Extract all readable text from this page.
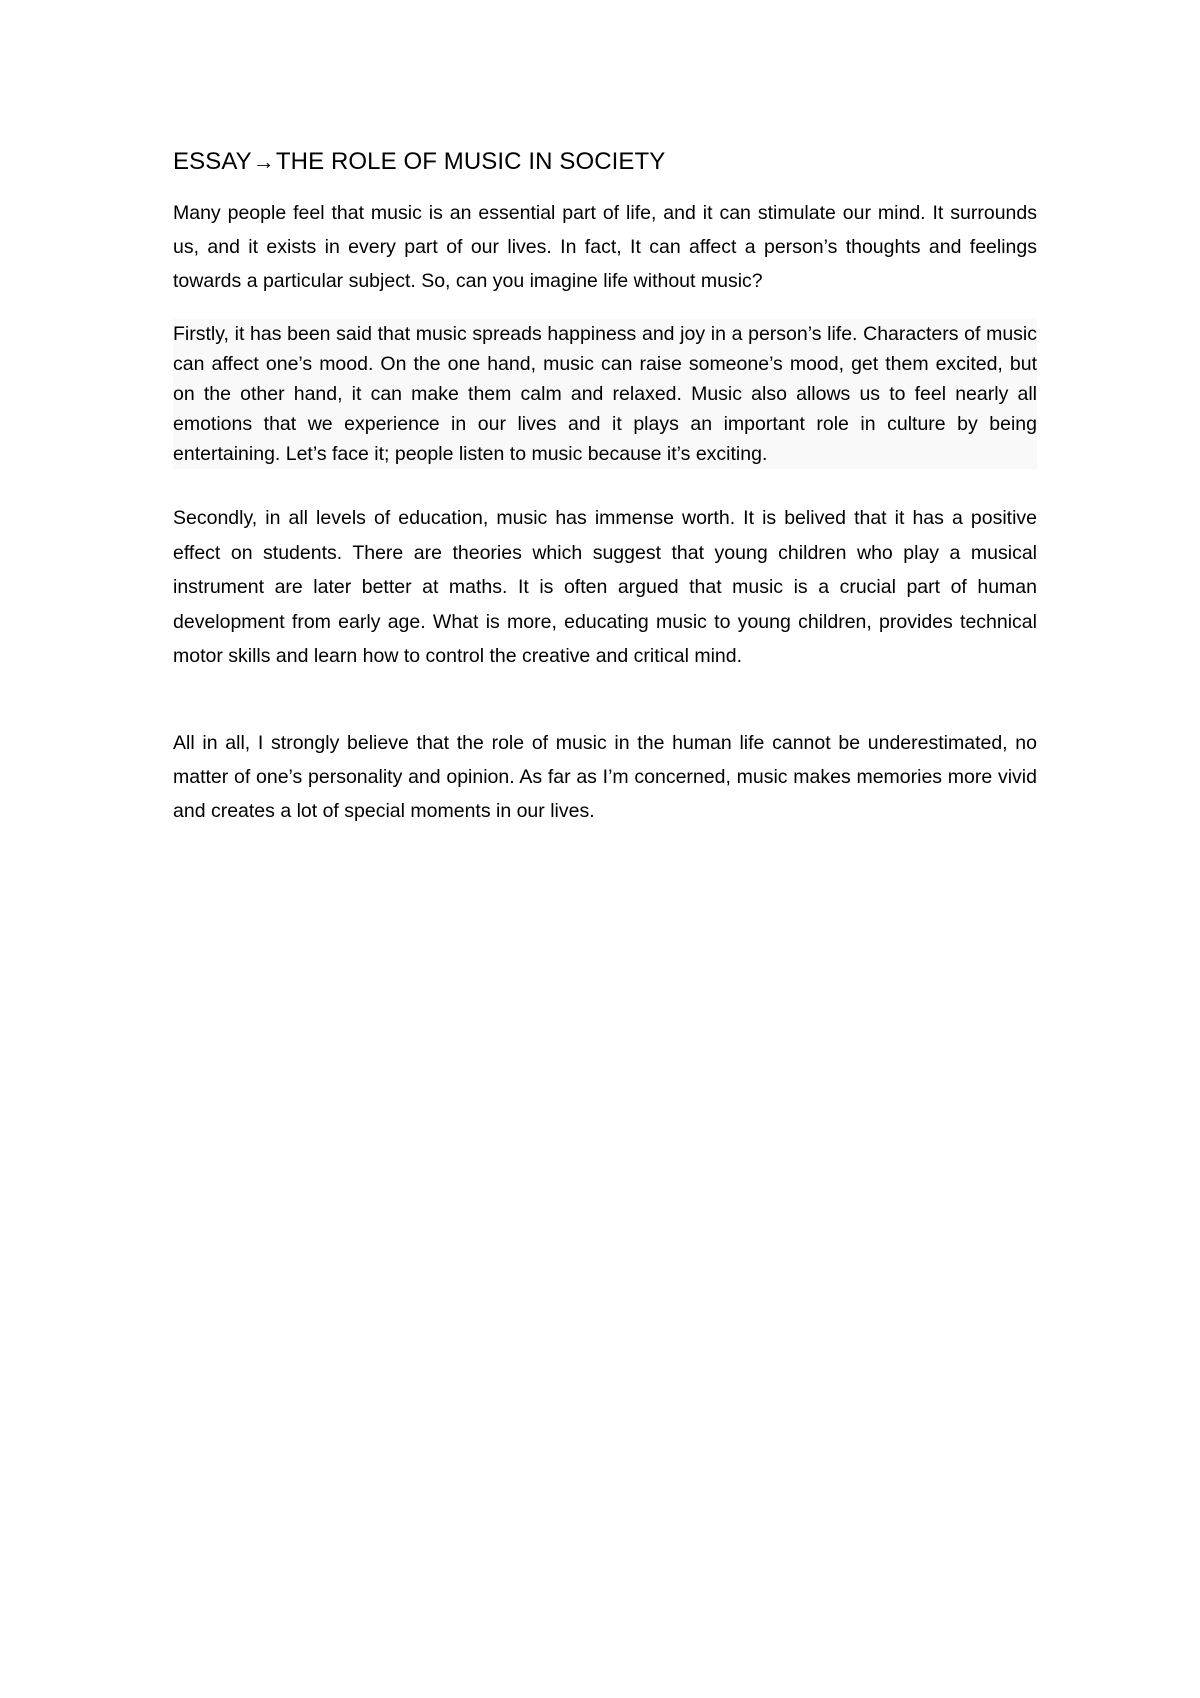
ESSAY→THE ROLE OF MUSIC IN SOCIETY

Many people feel that music is an essential part of life, and it can stimulate our mind. It surrounds us, and it exists in every part of our lives. In fact, It can affect a person’s thoughts and feelings towards a particular subject. So, can you imagine life without music?

Firstly, it has been said that music spreads happiness and joy in a person’s life. Characters of music can affect one’s mood. On the one hand, music can raise someone’s mood, get them excited, but on the other hand, it can make them calm and relaxed. Music also allows us to feel nearly all emotions that we experience in our lives and it plays an important role in culture by being entertaining. Let’s face it; people listen to music because it’s exciting.

Secondly, in all levels of education, music has immense worth. It is belived that it has a positive effect on students. There are theories which suggest that young children who play a musical instrument are later better at maths. It is often argued that music is a crucial part of human development from early age. What is more, educating music to young children, provides technical motor skills and learn how to control the creative and critical mind.

All in all, I strongly believe that the role of music in the human life cannot be underestimated, no matter of one’s personality and opinion. As far as I’m concerned, music makes memories more vivid and creates a lot of special moments in our lives.
